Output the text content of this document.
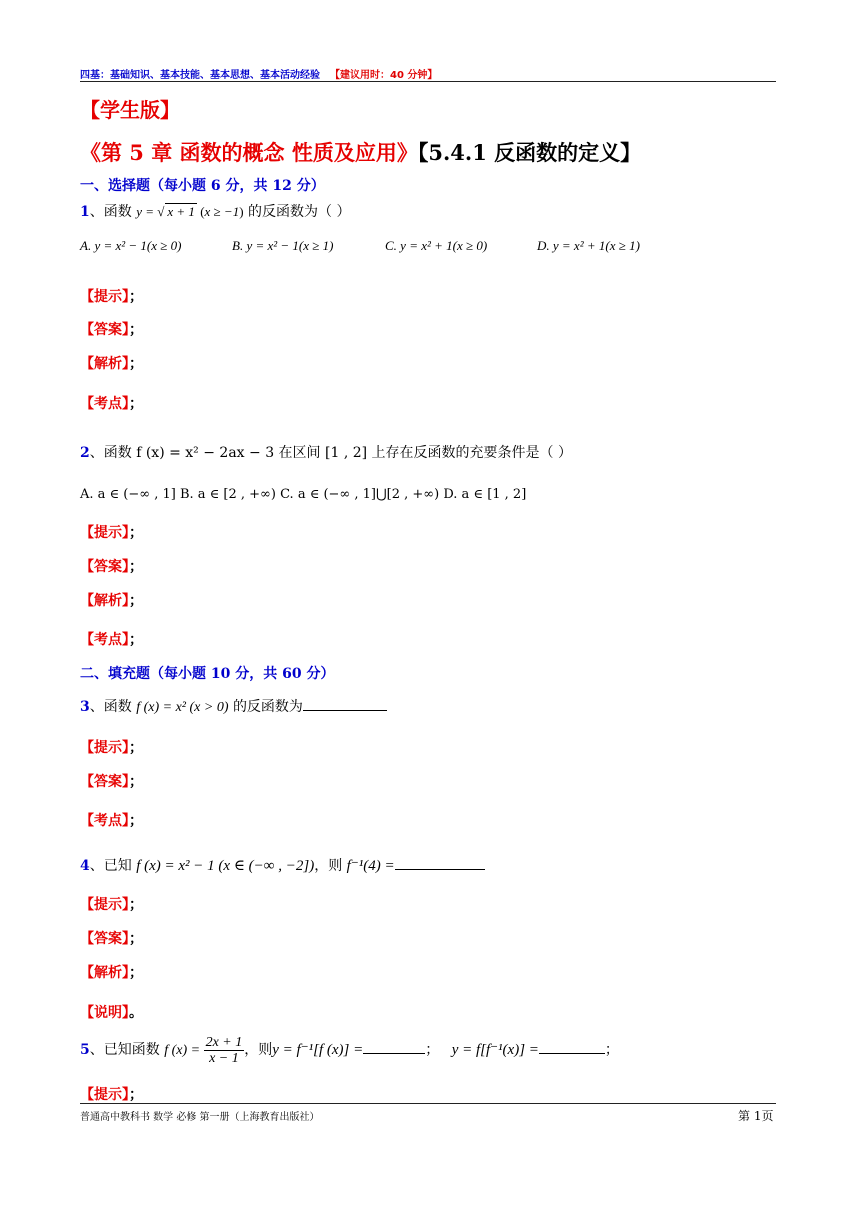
四基：基础知识、基本技能、基本思想、基本活动经验 【建议用时：40 分钟】
【学生版】
《第 5 章 函数的概念 性质及应用》【5.4.1 反函数的定义】
一、选择题（每小题 6 分，共 12 分）
1、函数 y = √ x + 1 (x ≥ −1) 的反函数为（ ）
A. y = x² − 1(x ≥ 0)	B. y = x² − 1(x ≥ 1)	C. y = x² + 1(x ≥ 0)	D. y = x² + 1(x ≥ 1)
【提示】；
【答案】；
【解析】；
【考点】；
2、函数 f (x) = x² − 2ax − 3 在区间 [1 , 2] 上存在反函数的充要条件是（ ）
A. a ∈ (−∞ , 1] B. a ∈ [2 , +∞) C. a ∈ (−∞ , 1]⋃[2 , +∞) D. a ∈ [1 , 2]
【提示】；
【答案】；
【解析】；
【考点】；
二、填充题（每小题 10 分，共 60 分）
3、函数 f (x) = x² (x > 0) 的反函数为
【提示】；
【答案】；
【考点】；
4、已知 f (x) = x² − 1 (x ∈ (−∞ , −2])，则 f⁻¹(4) =
【提示】；
【答案】；
【解析】；
【说明】。
5、已知函数 f $(x) = \frac{2x + 1}{x - 1}$ ，则y = f⁻¹[f (x)] =	； y = f[f⁻¹(x)] =	；
【提示】；
普通高中教科书 数学 必修 第一册（上海教育出版社）	第 1页
